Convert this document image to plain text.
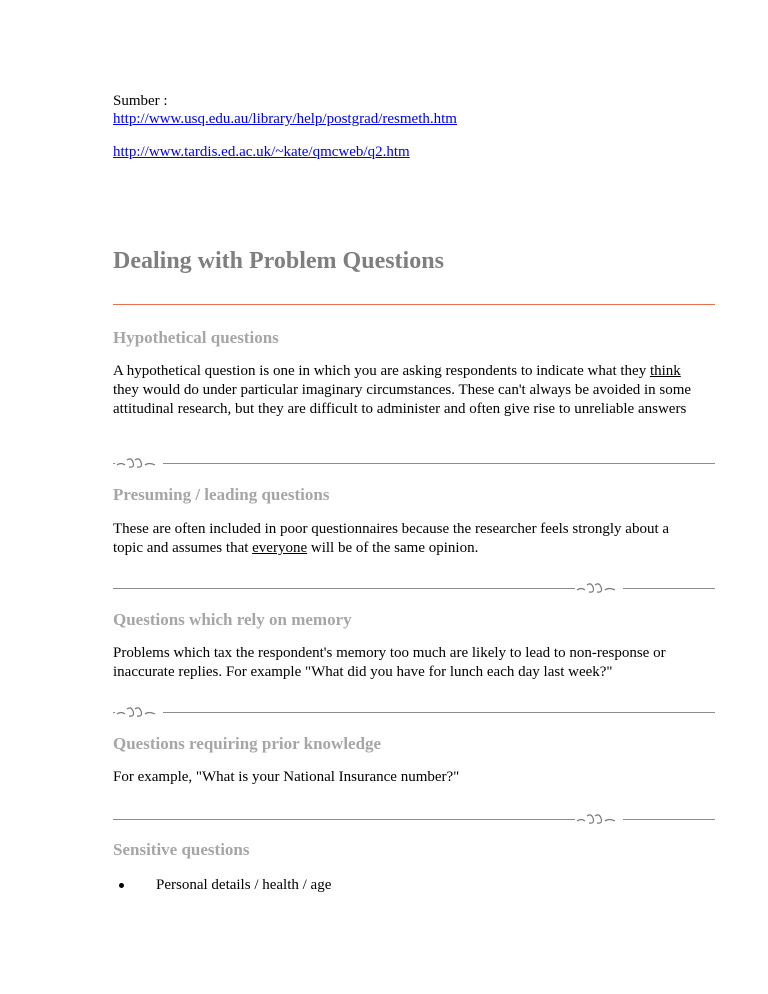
Sumber :
http://www.usq.edu.au/library/help/postgrad/resmeth.htm
http://www.tardis.ed.ac.uk/~kate/qmcweb/q2.htm
Dealing with Problem Questions
Hypothetical questions
A hypothetical question is one in which you are asking respondents to indicate what they think they would do under particular imaginary circumstances. These can't always be avoided in some attitudinal research, but they are difficult to administer and often give rise to unreliable answers
Presuming / leading questions
These are often included in poor questionnaires because the researcher feels strongly about a topic and assumes that everyone will be of the same opinion.
Questions which rely on memory
Problems which tax the respondent's memory too much are likely to lead to non-response or inaccurate replies. For example "What did you have for lunch each day last week?"
Questions requiring prior knowledge
For example, "What is your National Insurance number?"
Sensitive questions
Personal details / health / age
